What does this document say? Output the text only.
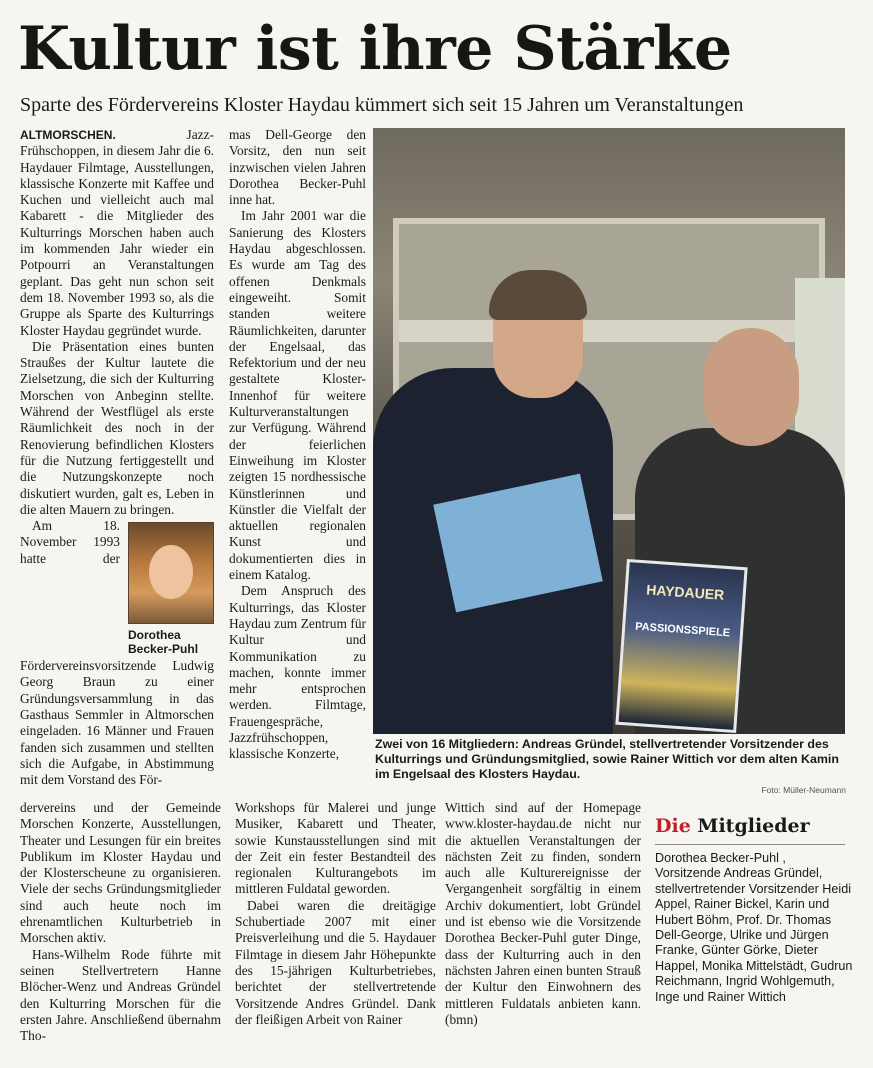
Kultur ist ihre Stärke
Sparte des Fördervereins Kloster Haydau kümmert sich seit 15 Jahren um Veranstaltungen

ALTMORSCHEN.	Jazz-Frühschoppen, in diesem Jahr die 6. Haydauer Filmtage, Ausstellungen, klassische Konzerte mit Kaffee und Kuchen und vielleicht auch mal Kabarett - die Mitglieder des Kulturrings Morschen haben auch im kommenden Jahr wieder ein Potpourri an Veranstaltungen geplant. Das geht nun schon seit dem 18. November 1993 so, als die Gruppe als Sparte des Kulturrings Kloster Haydau gegründet wurde.

Die Präsentation eines bunten Straußes der Kultur lautete die Zielsetzung, die sich der Kulturring Morschen von Anbeginn stellte. Während der Westflügel als erste Räumlichkeit des noch in der Renovierung befindlichen Klosters für die Nutzung fertiggestellt und die Nutzungskonzepte noch diskutiert wurden, galt es, Leben in die alten Mauern zu bringen.

Dorothea Becker-Puhl

Am 18. November 1993 hatte der Fördervereinsvorsitzende Ludwig Georg Braun zu einer Gründungsversammlung in das Gasthaus Semmler in Altmorschen eingeladen. 16 Männer und Frauen fanden sich zusammen und stellten sich die Aufgabe, in Abstimmung mit dem Vorstand des För-

mas Dell-George den Vorsitz, den nun seit inzwischen vielen Jahren Dorothea Becker-Puhl inne hat.

Im Jahr 2001 war die Sanierung des Klosters Haydau abgeschlossen. Es wurde am Tag des offenen Denkmals eingeweiht. Somit standen weitere Räumlichkeiten, darunter der Engelsaal, das Refektorium und der neu gestaltete Kloster-Innenhof für weitere Kulturveranstaltungen zur Verfügung. Während der feierlichen Einweihung im Kloster zeigten 15 nordhessische Künstlerinnen und Künstler die Vielfalt der aktuellen regionalen Kunst und dokumentierten dies in einem Katalog.

Dem Anspruch des Kulturrings, das Kloster Haydau zum Zentrum für Kultur und Kommunikation zu machen, konnte immer mehr entsprochen werden. Filmtage, Frauengespräche, Jazzfrühschoppen, klassische Konzerte,

HAYDAUER
PASSIONSSPIELE
Zwei von 16 Mitgliedern: Andreas Gründel, stellvertretender Vorsitzender des Kulturrings und Gründungsmitglied, sowie Rainer Wittich vor dem alten Kamin im Engelsaal des Klosters Haydau.
Foto: Müller-Neumann

dervereins und der Gemeinde Morschen Konzerte, Ausstellungen, Theater und Lesungen für ein breites Publikum im Kloster Haydau und der Klosterscheune zu organisieren. Viele der sechs Gründungsmitglieder sind auch heute noch im ehrenamtlichen Kulturbetrieb in Morschen aktiv.

Hans-Wilhelm Rode führte mit seinen Stellvertretern Hanne Blöcher-Wenz und Andreas Gründel den Kulturring Morschen für die ersten Jahre. Anschließend übernahm Tho-

Workshops für Malerei und junge Musiker, Kabarett und Theater, sowie Kunstausstellungen sind mit der Zeit ein fester Bestandteil des regionalen Kulturangebots im mittleren Fuldatal geworden.

Dabei waren die dreitägige Schubertiade 2007 mit einer Preisverleihung und die 5. Haydauer Filmtage in diesem Jahr Höhepunkte des 15-jährigen Kulturbetriebes, berichtet der stellvertretende Vorsitzende Andres Gründel. Dank der fleißigen Arbeit von Rainer

Wittich sind auf der Homepage www.kloster-haydau.de nicht nur die aktuellen Veranstaltungen der nächsten Zeit zu finden, sondern auch alle Kulturereignisse der Vergangenheit sorgfältig in einem Archiv dokumentiert, lobt Gründel und ist ebenso wie die Vorsitzende Dorothea Becker-Puhl guter Dinge, dass der Kulturring auch in den nächsten Jahren einen bunten Strauß der Kultur den Einwohnern des mittleren Fuldatals anbieten kann. (bmn)

Die Mitglieder
Dorothea Becker-Puhl , Vorsitzende Andreas Gründel, stellvertretender Vorsitzender Heidi Appel, Rainer Bickel, Karin und Hubert Böhm, Prof. Dr. Thomas Dell-George, Ulrike und Jürgen Franke, Günter Görke, Dieter Happel, Monika Mittelstädt, Gudrun Reichmann, Ingrid Wohlgemuth, Inge und Rainer Wittich
